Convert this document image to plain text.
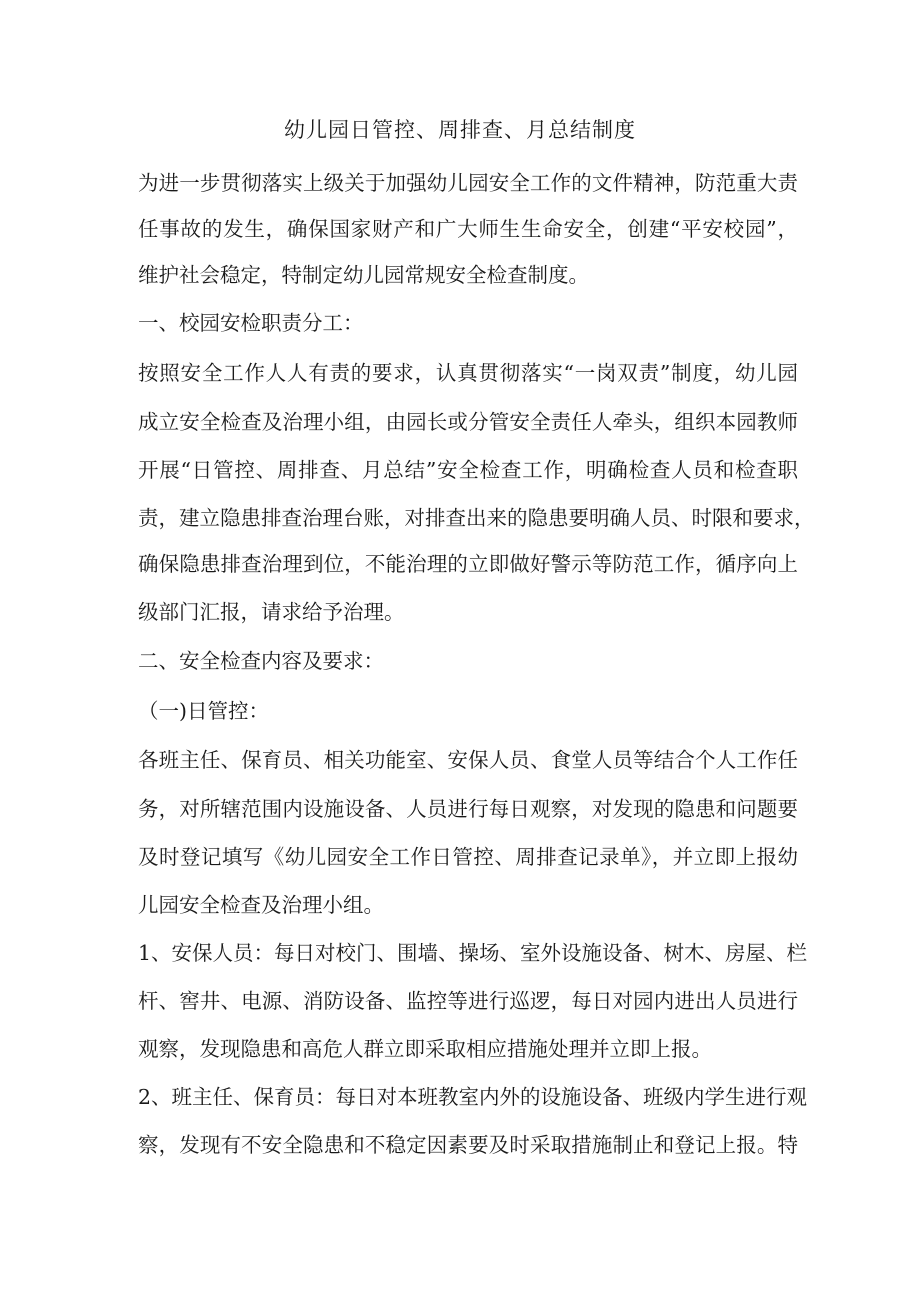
幼儿园日管控、周排查、月总结制度
为进一步贯彻落实上级关于加强幼儿园安全工作的文件精神，防范重大责
任事故的发生，确保国家财产和广大师生生命安全，创建“平安校园”，
维护社会稳定，特制定幼儿园常规安全检查制度。
一、校园安检职责分工：
按照安全工作人人有责的要求，认真贯彻落实“一岗双责”制度，幼儿园
成立安全检查及治理小组，由园长或分管安全责任人牵头，组织本园教师
开展“日管控、周排查、月总结”安全检查工作，明确检查人员和检查职
责，建立隐患排查治理台账，对排查出来的隐患要明确人员、时限和要求，
确保隐患排查治理到位，不能治理的立即做好警示等防范工作，循序向上
级部门汇报，请求给予治理。
二、安全检查内容及要求：
（一)日管控：
各班主任、保育员、相关功能室、安保人员、食堂人员等结合个人工作任
务，对所辖范围内设施设备、人员进行每日观察，对发现的隐患和问题要
及时登记填写《幼儿园安全工作日管控、周排查记录单》，并立即上报幼
儿园安全检查及治理小组。
1、安保人员：每日对校门、围墙、操场、室外设施设备、树木、房屋、栏
杆、窖井、电源、消防设备、监控等进行巡逻，每日对园内进出人员进行
观察，发现隐患和高危人群立即采取相应措施处理并立即上报。
2、班主任、保育员：每日对本班教室内外的设施设备、班级内学生进行观
察，发现有不安全隐患和不稳定因素要及时采取措施制止和登记上报。特
